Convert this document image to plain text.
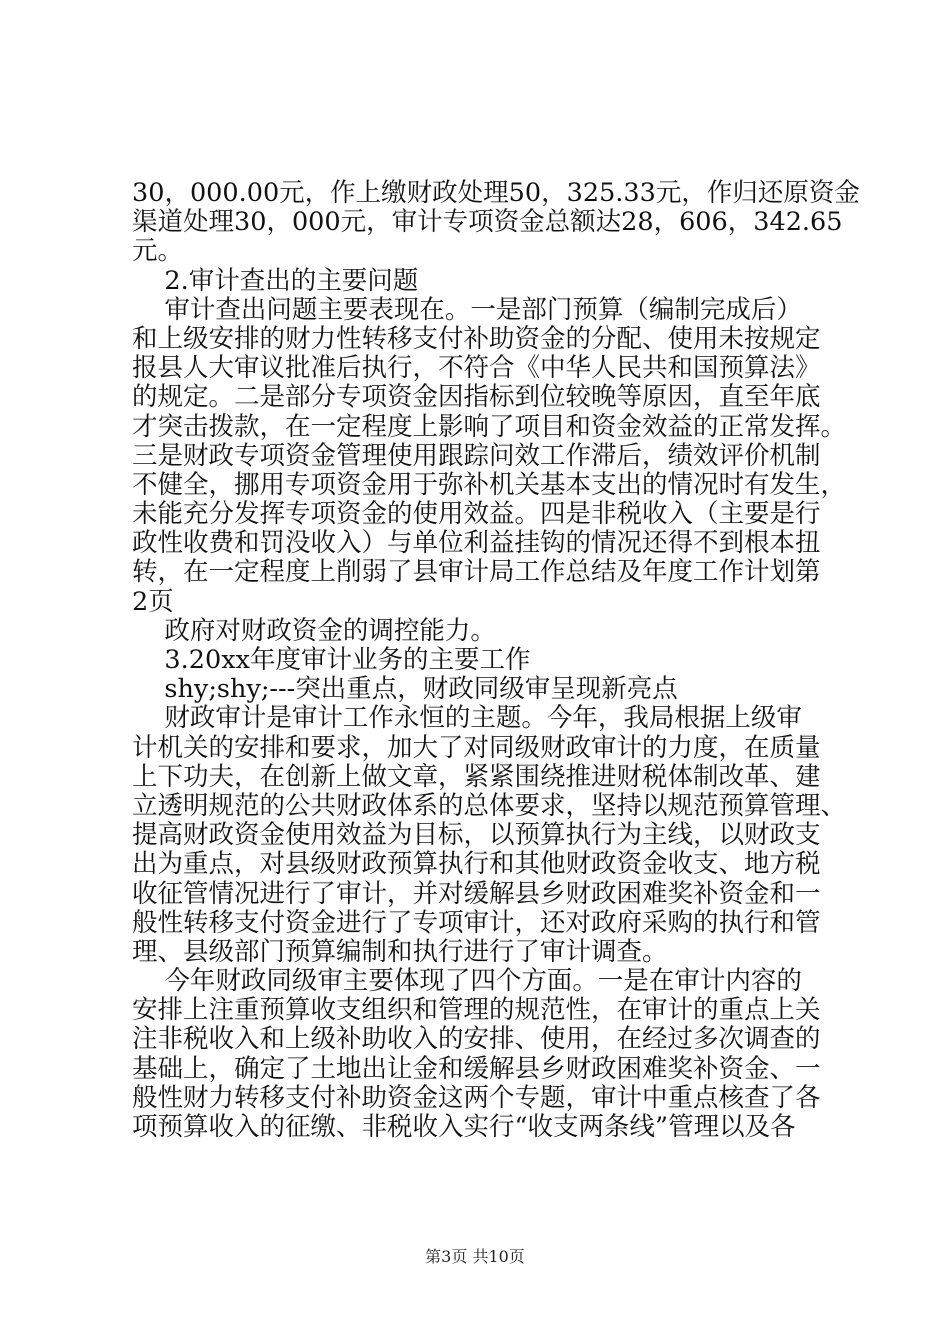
30，000.00元，作上缴财政处理50，325.33元，作归还原资金
渠道处理30，000元，审计专项资金总额达28，606，342.65
元。
2.审计查出的主要问题
审计查出问题主要表现在。一是部门预算（编制完成后）
和上级安排的财力性转移支付补助资金的分配、使用未按规定
报县人大审议批准后执行，不符合《中华人民共和国预算法》
的规定。二是部分专项资金因指标到位较晚等原因，直至年底
才突击拨款，在一定程度上影响了项目和资金效益的正常发挥。
三是财政专项资金管理使用跟踪问效工作滞后，绩效评价机制
不健全，挪用专项资金用于弥补机关基本支出的情况时有发生，
未能充分发挥专项资金的使用效益。四是非税收入（主要是行
政性收费和罚没收入）与单位利益挂钩的情况还得不到根本扭
转，在一定程度上削弱了县审计局工作总结及年度工作计划第
2页
政府对财政资金的调控能力。
3.20xx年度审计业务的主要工作
shy;shy;---突出重点，财政同级审呈现新亮点
财政审计是审计工作永恒的主题。今年，我局根据上级审
计机关的安排和要求，加大了对同级财政审计的力度，在质量
上下功夫，在创新上做文章，紧紧围绕推进财税体制改革、建
立透明规范的公共财政体系的总体要求，坚持以规范预算管理、
提高财政资金使用效益为目标，以预算执行为主线，以财政支
出为重点，对县级财政预算执行和其他财政资金收支、地方税
收征管情况进行了审计，并对缓解县乡财政困难奖补资金和一
般性转移支付资金进行了专项审计，还对政府采购的执行和管
理、县级部门预算编制和执行进行了审计调查。
今年财政同级审主要体现了四个方面。一是在审计内容的
安排上注重预算收支组织和管理的规范性，在审计的重点上关
注非税收入和上级补助收入的安排、使用，在经过多次调查的
基础上，确定了土地出让金和缓解县乡财政困难奖补资金、一
般性财力转移支付补助资金这两个专题，审计中重点核查了各
项预算收入的征缴、非税收入实行“收支两条线”管理以及各
第3页 共10页
